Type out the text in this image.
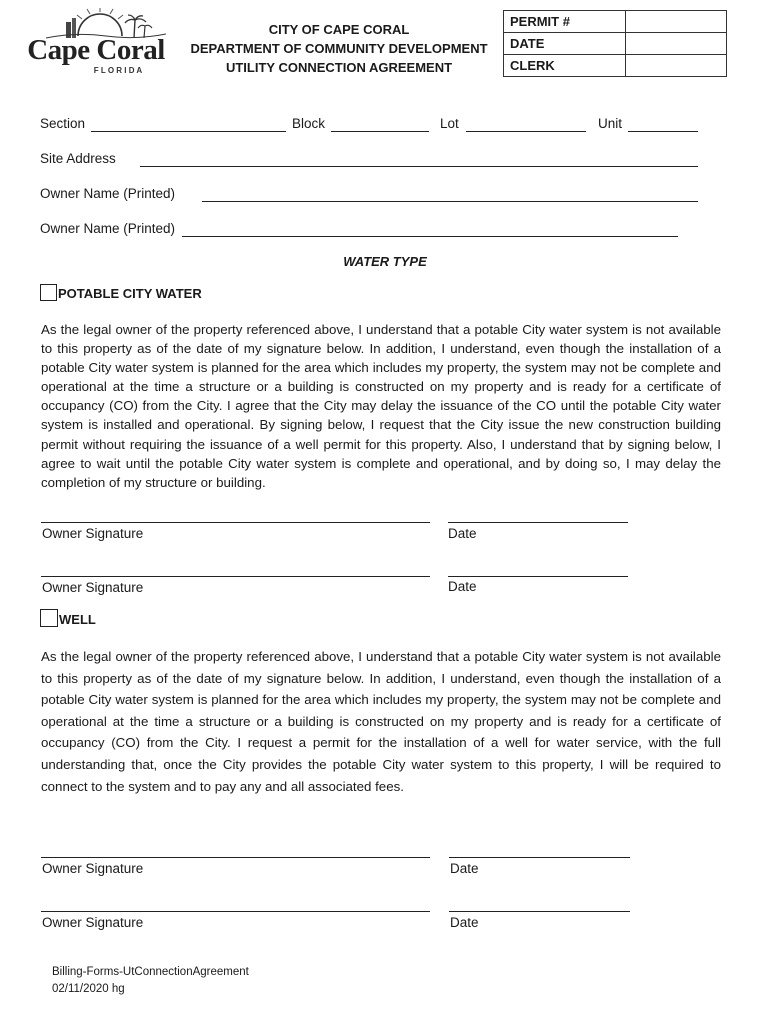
Cape Coral
F L O R I D A
CITY OF CAPE CORAL
DEPARTMENT OF COMMUNITY DEVELOPMENT
UTILITY CONNECTION AGREEMENT
PERMIT #	
DATE	
CLERK	
Section	Block	Lot	Unit
Site Address
Owner Name (Printed)
Owner Name (Printed)
WATER TYPE
POTABLE CITY WATER
As the legal owner of the property referenced above, I understand that a potable City water system is not available to this property as of the date of my signature below. In addition, I understand, even though the installation of a potable City water system is planned for the area which includes my property, the system may not be complete and operational at the time a structure or a building is constructed on my property and is ready for a certificate of occupancy (CO) from the City. I agree that the City may delay the issuance of the CO until the potable City water system is installed and operational. By signing below, I request that the City issue the new construction building permit without requiring the issuance of a well permit for this property. Also, I understand that by signing below, I agree to wait until the potable City water system is complete and operational, and by doing so, I may delay the completion of my structure or building.
Owner Signature	Date
Owner Signature	Date
WELL
As the legal owner of the property referenced above, I understand that a potable City water system is not available to this property as of the date of my signature below. In addition, I understand, even though the installation of a potable City water system is planned for the area which includes my property, the system may not be complete and operational at the time a structure or a building is constructed on my property and is ready for a certificate of occupancy (CO) from the City. I request a permit for the installation of a well for water service, with the full understanding that, once the City provides the potable City water system to this property, I will be required to connect to the system and to pay any and all associated fees.
Owner Signature	Date
Owner Signature	Date
Billing-Forms-UtConnectionAgreement
02/11/2020 hg
